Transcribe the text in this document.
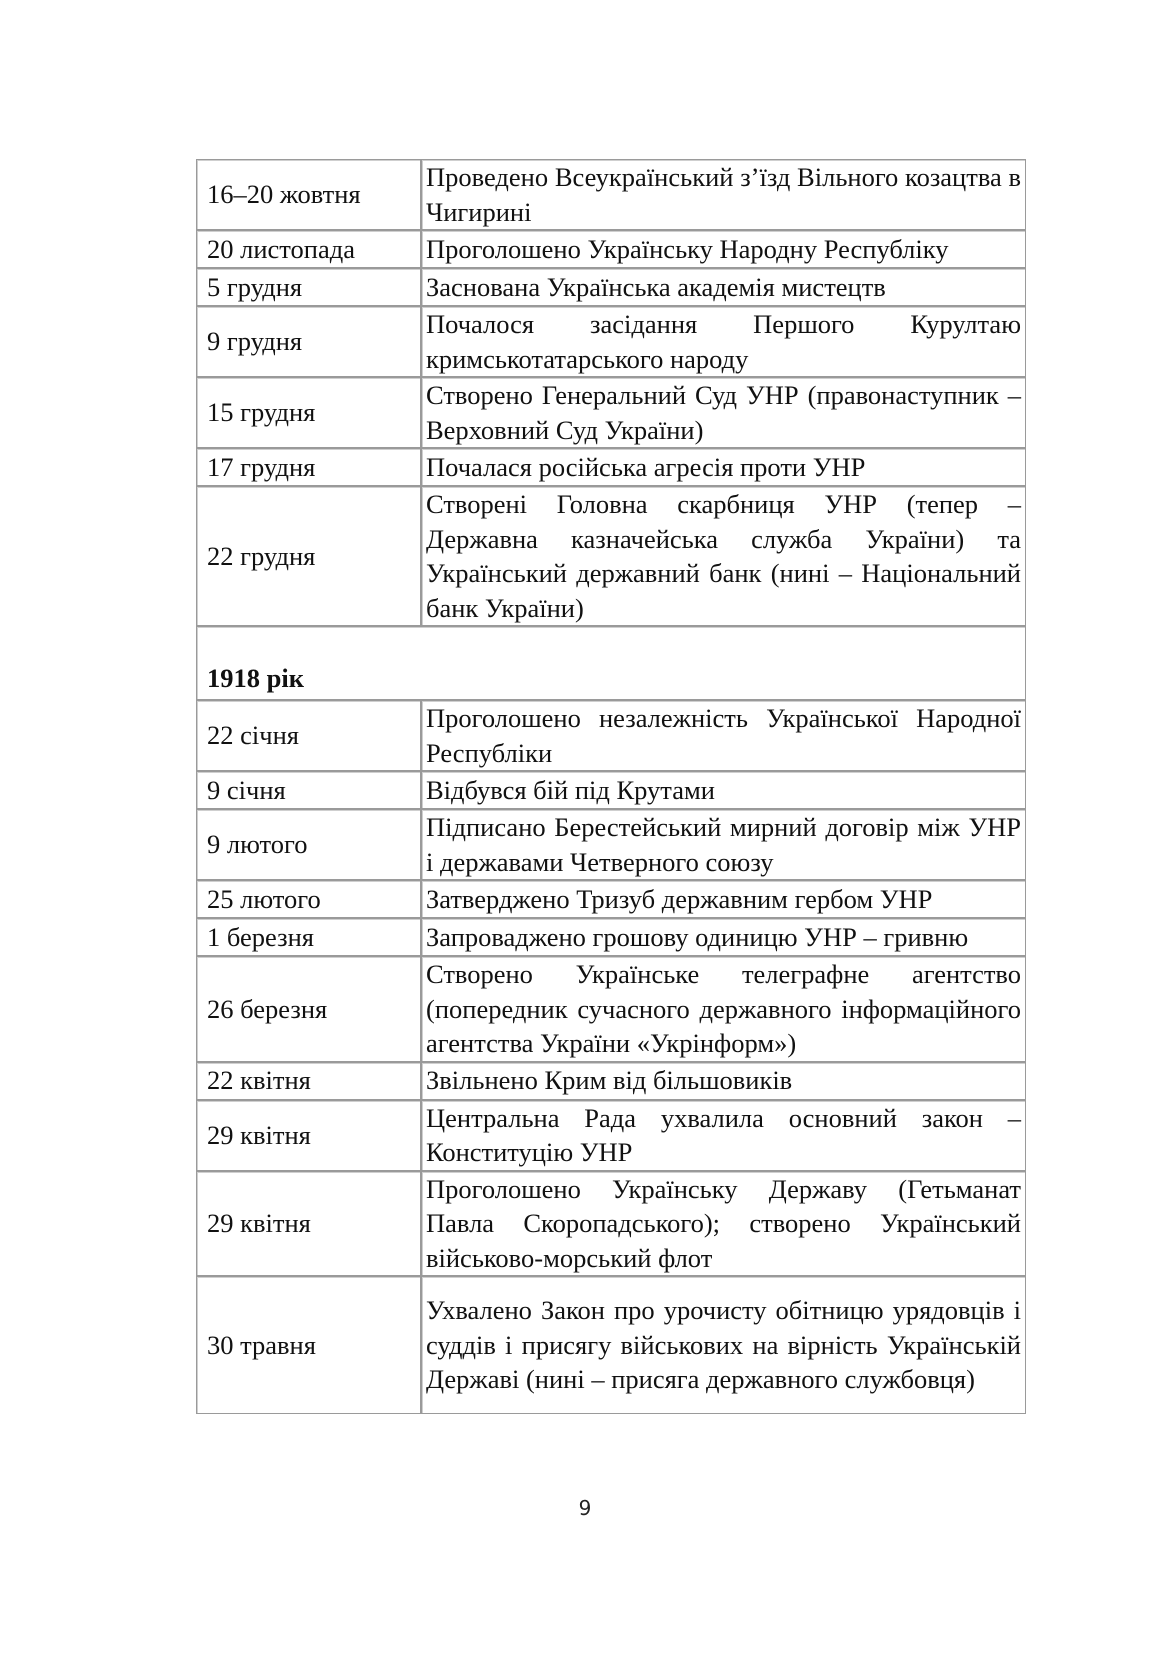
16–20 жовтня	Проведено Всеукраїнський з’їзд Вільного козацтва в Чигирині
20 листопада	Проголошено Українську Народну Республіку
5 грудня	Заснована Українська академія мистецтв
9 грудня	Почалося засідання Першого Курултаю кримськотатарського народу
15 грудня	Створено Генеральний Суд УНР (правонаступник – Верховний Суд України)
17 грудня	Почалася російська агресія проти УНР
22 грудня	Створені Головна скарбниця УНР (тепер – Державна казначейська служба України) та Український державний банк (нині – Національний банк України)
1918 рік	
22 січня	Проголошено незалежність Української Народної Республіки
9 січня	Відбувся бій під Крутами
9 лютого	Підписано Берестейський мирний договір між УНР і державами Четверного союзу
25 лютого	Затверджено Тризуб державним гербом УНР
1 березня	Запроваджено грошову одиницю УНР – гривню
26 березня	Створено Українське телеграфне агентство (попередник сучасного державного інформаційного агентства України «Укрінформ»)
22 квітня	Звільнено Крим від більшовиків
29 квітня	Центральна Рада ухвалила основний закон – Конституцію УНР
29 квітня	Проголошено Українську Державу (Гетьманат Павла Скоропадського); створено Український військово-морський флот
30 травня	Ухвалено Закон про урочисту обітницю урядовців і суддів і присягу військових на вірність Українській Державі (нині – присяга державного службовця)
9
